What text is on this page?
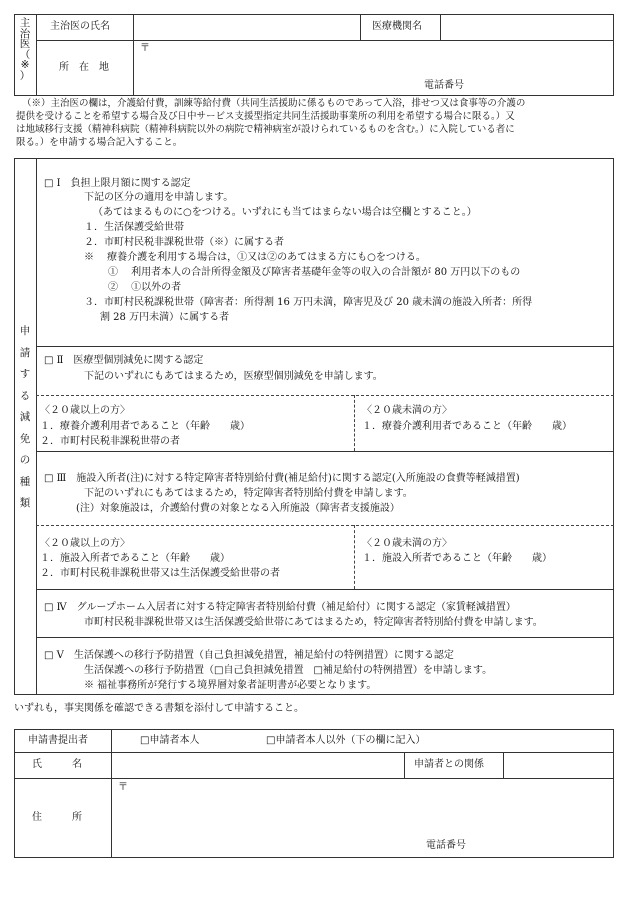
主
治
医
（
※
）
主治医の氏名	医療機関名
所　在　地
〒
電話番号
（※）主治医の欄は，介護給付費，訓練等給付費（共同生活援助に係るものであって入浴，排せつ又は食事等の介護の
提供を受けることを希望する場合及び日中サービス支援型指定共同生活援助事業所の利用を希望する場合に限る。）又
は地域移行支援（精神科病院（精神科病院以外の病院で精神病室が設けられているものを含む。）に入院している者に
限る。）を申請する場合記入すること。
申
請
す
る
減
免
の
種
類
□ Ⅰ　負担上限月額に関する認定
下記の区分の適用を申請します。
（あてはまるものに○をつける。いずれにも当てはまらない場合は空欄とすること。）
１．生活保護受給世帯
２．市町村民税非課税世帯（※）に属する者
※　 療養介護を利用する場合は，①又は②のあてはまる方にも○をつける。
①　 利用者本人の合計所得金額及び障害者基礎年金等の収入の合計額が 80 万円以下のもの
②　 ①以外の者
３．市町村民税課税世帯（障害者：所得割 16 万円未満，障害児及び 20 歳未満の施設入所者：所得
割 28 万円未満）に属する者
□ Ⅱ　医療型個別減免に関する認定
下記のいずれにもあてはまるため，医療型個別減免を申請します。
〈２０歳以上の方〉
１．療養介護利用者であること（年齢　　歳）
２．市町村民税非課税世帯の者
〈２０歳未満の方〉
１．療養介護利用者であること（年齢　　歳）
□ Ⅲ　施設入所者(注)に対する特定障害者特別給付費(補足給付)に関する認定(入所施設の食費等軽減措置)
下記のいずれにもあてはまるため，特定障害者特別給付費を申請します。
(注）対象施設は，介護給付費の対象となる入所施設（障害者支援施設）
〈２０歳以上の方〉
１．施設入所者であること（年齢　　歳）
２．市町村民税非課税世帯又は生活保護受給世帯の者
〈２０歳未満の方〉
１．施設入所者であること（年齢　　歳）
□ Ⅳ　グループホーム入居者に対する特定障害者特別給付費（補足給付）に関する認定（家賃軽減措置）
市町村民税非課税世帯又は生活保護受給世帯にあてはまるため，特定障害者特別給付費を申請します。
□ Ⅴ　生活保護への移行予防措置（自己負担減免措置，補足給付の特例措置）に関する認定
生活保護への移行予防措置（□自己負担減免措置　□補足給付の特例措置）を申請します。
※ 福祉事務所が発行する境界層対象者証明書が必要となります。
いずれも，事実関係を確認できる書類を添付して申請すること。
申請書提出者	□申請者本人	□申請者本人以外（下の欄に記入）
氏　　　名	申請者との関係
住　　　所
〒
電話番号
